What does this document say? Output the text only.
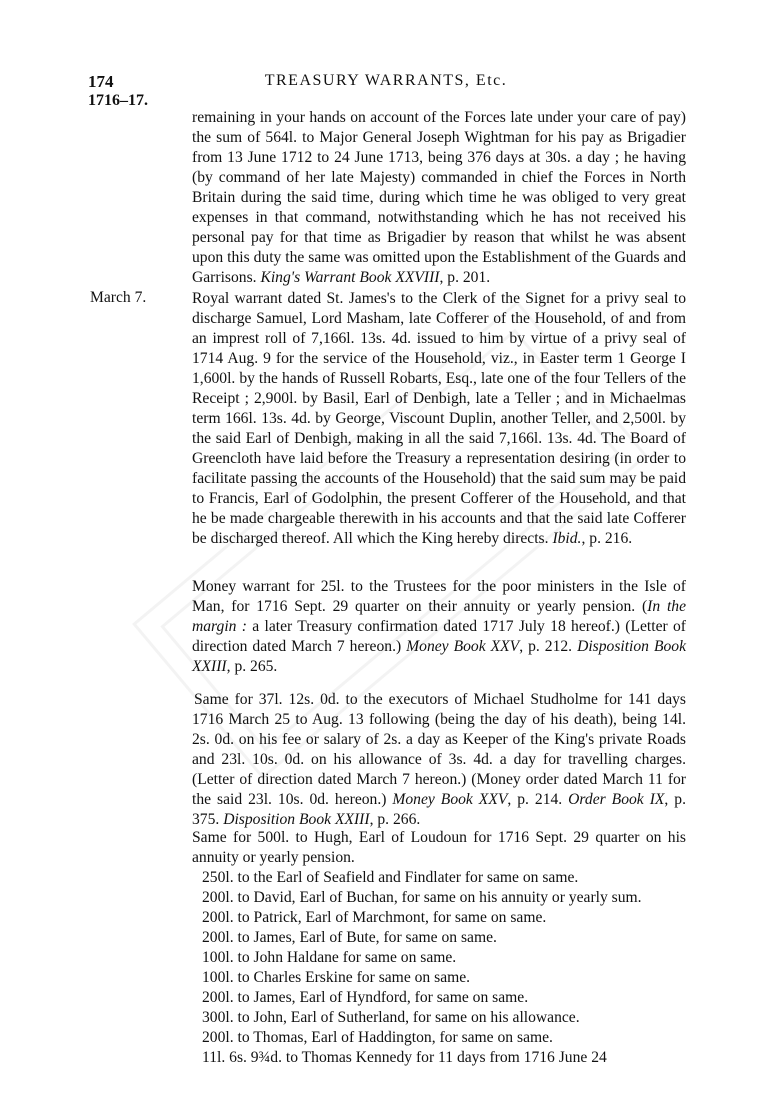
174	TREASURY WARRANTS, Etc.
1716–17.

remaining in your hands on account of the Forces late under your care of pay) the sum of 564l. to Major General Joseph Wightman for his pay as Brigadier from 13 June 1712 to 24 June 1713, being 376 days at 30s. a day ; he having (by command of her late Majesty) commanded in chief the Forces in North Britain during the said time, during which time he was obliged to very great expenses in that command, notwithstanding which he has not received his personal pay for that time as Brigadier by reason that whilst he was absent upon this duty the same was omitted upon the Establishment of the Guards and Garrisons. King's Warrant Book XXVIII, p. 201.

March 7.	Royal warrant dated St. James's to the Clerk of the Signet for a privy seal to discharge Samuel, Lord Masham, late Cofferer of the Household, of and from an imprest roll of 7,166l. 13s. 4d. issued to him by virtue of a privy seal of 1714 Aug. 9 for the service of the Household, viz., in Easter term 1 George I 1,600l. by the hands of Russell Robarts, Esq., late one of the four Tellers of the Receipt ; 2,900l. by Basil, Earl of Denbigh, late a Teller ; and in Michaelmas term 166l. 13s. 4d. by George, Viscount Duplin, another Teller, and 2,500l. by the said Earl of Denbigh, making in all the said 7,166l. 13s. 4d. The Board of Greencloth have laid before the Treasury a representation desiring (in order to facilitate passing the accounts of the Household) that the said sum may be paid to Francis, Earl of Godolphin, the present Cofferer of the Household, and that he be made chargeable therewith in his accounts and that the said late Cofferer be discharged thereof. All which the King hereby directs. Ibid., p. 216.

Money warrant for 25l. to the Trustees for the poor ministers in the Isle of Man, for 1716 Sept. 29 quarter on their annuity or yearly pension. (In the margin : a later Treasury confirmation dated 1717 July 18 hereof.) (Letter of direction dated March 7 hereon.) Money Book XXV, p. 212. Disposition Book XXIII, p. 265.

Same for 37l. 12s. 0d. to the executors of Michael Studholme for 141 days 1716 March 25 to Aug. 13 following (being the day of his death), being 14l. 2s. 0d. on his fee or salary of 2s. a day as Keeper of the King's private Roads and 23l. 10s. 0d. on his allowance of 3s. 4d. a day for travelling charges. (Letter of direction dated March 7 hereon.) (Money order dated March 11 for the said 23l. 10s. 0d. hereon.) Money Book XXV, p. 214. Order Book IX, p. 375. Disposition Book XXIII, p. 266.

Same for 500l. to Hugh, Earl of Loudoun for 1716 Sept. 29 quarter on his annuity or yearly pension.

250l. to the Earl of Seafield and Findlater for same on same.

200l. to David, Earl of Buchan, for same on his annuity or yearly sum.

200l. to Patrick, Earl of Marchmont, for same on same.

200l. to James, Earl of Bute, for same on same.

100l. to John Haldane for same on same.

100l. to Charles Erskine for same on same.

200l. to James, Earl of Hyndford, for same on same.

300l. to John, Earl of Sutherland, for same on his allowance.

200l. to Thomas, Earl of Haddington, for same on same.

11l. 6s. 9¾d. to Thomas Kennedy for 11 days from 1716 June 24
